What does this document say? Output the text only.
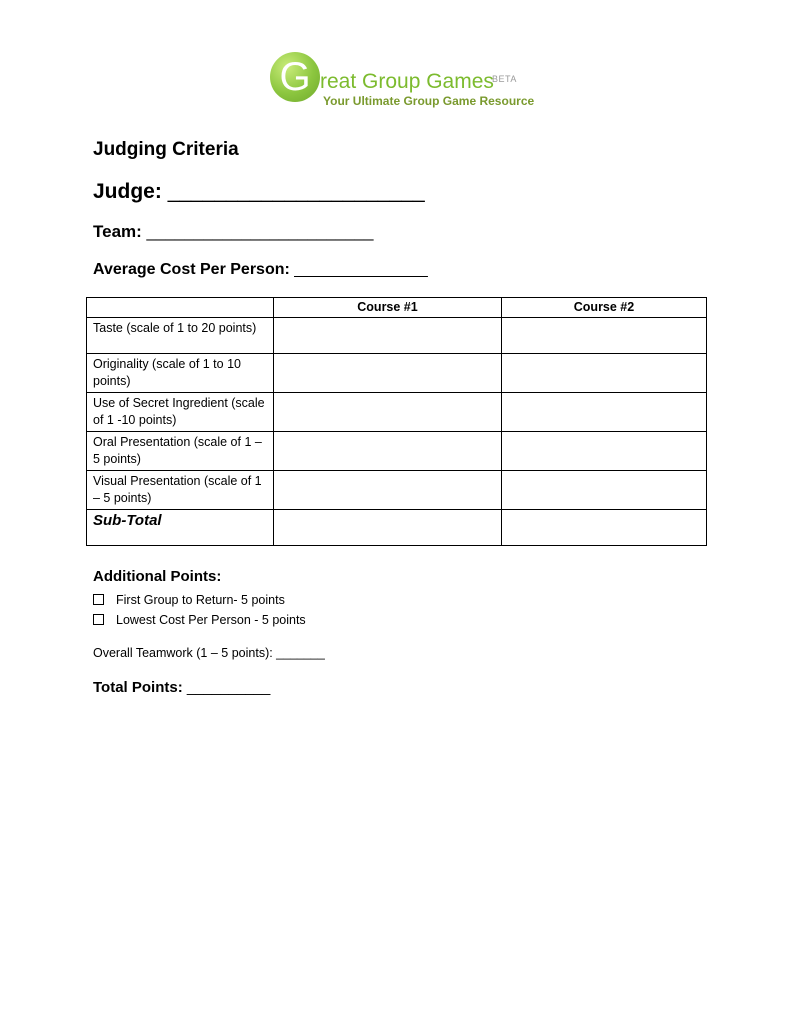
G reat Group Games
BETA
Your Ultimate Group Game Resource
Judging Criteria
Judge: ______________________
Team: ________________________
Average Cost Per Person: _______________
	Course #1	Course #2
Taste (scale of 1 to 20 points)		
Originality (scale of 1 to 10 points)		
Use of Secret Ingredient (scale of 1 -10 points)		
Oral Presentation (scale of 1 – 5 points)		
Visual Presentation (scale of 1 – 5 points)		
Sub-Total		
Additional Points:
First Group to Return- 5 points
Lowest Cost Per Person - 5 points
Overall Teamwork (1 – 5 points): _______
Total Points: __________
